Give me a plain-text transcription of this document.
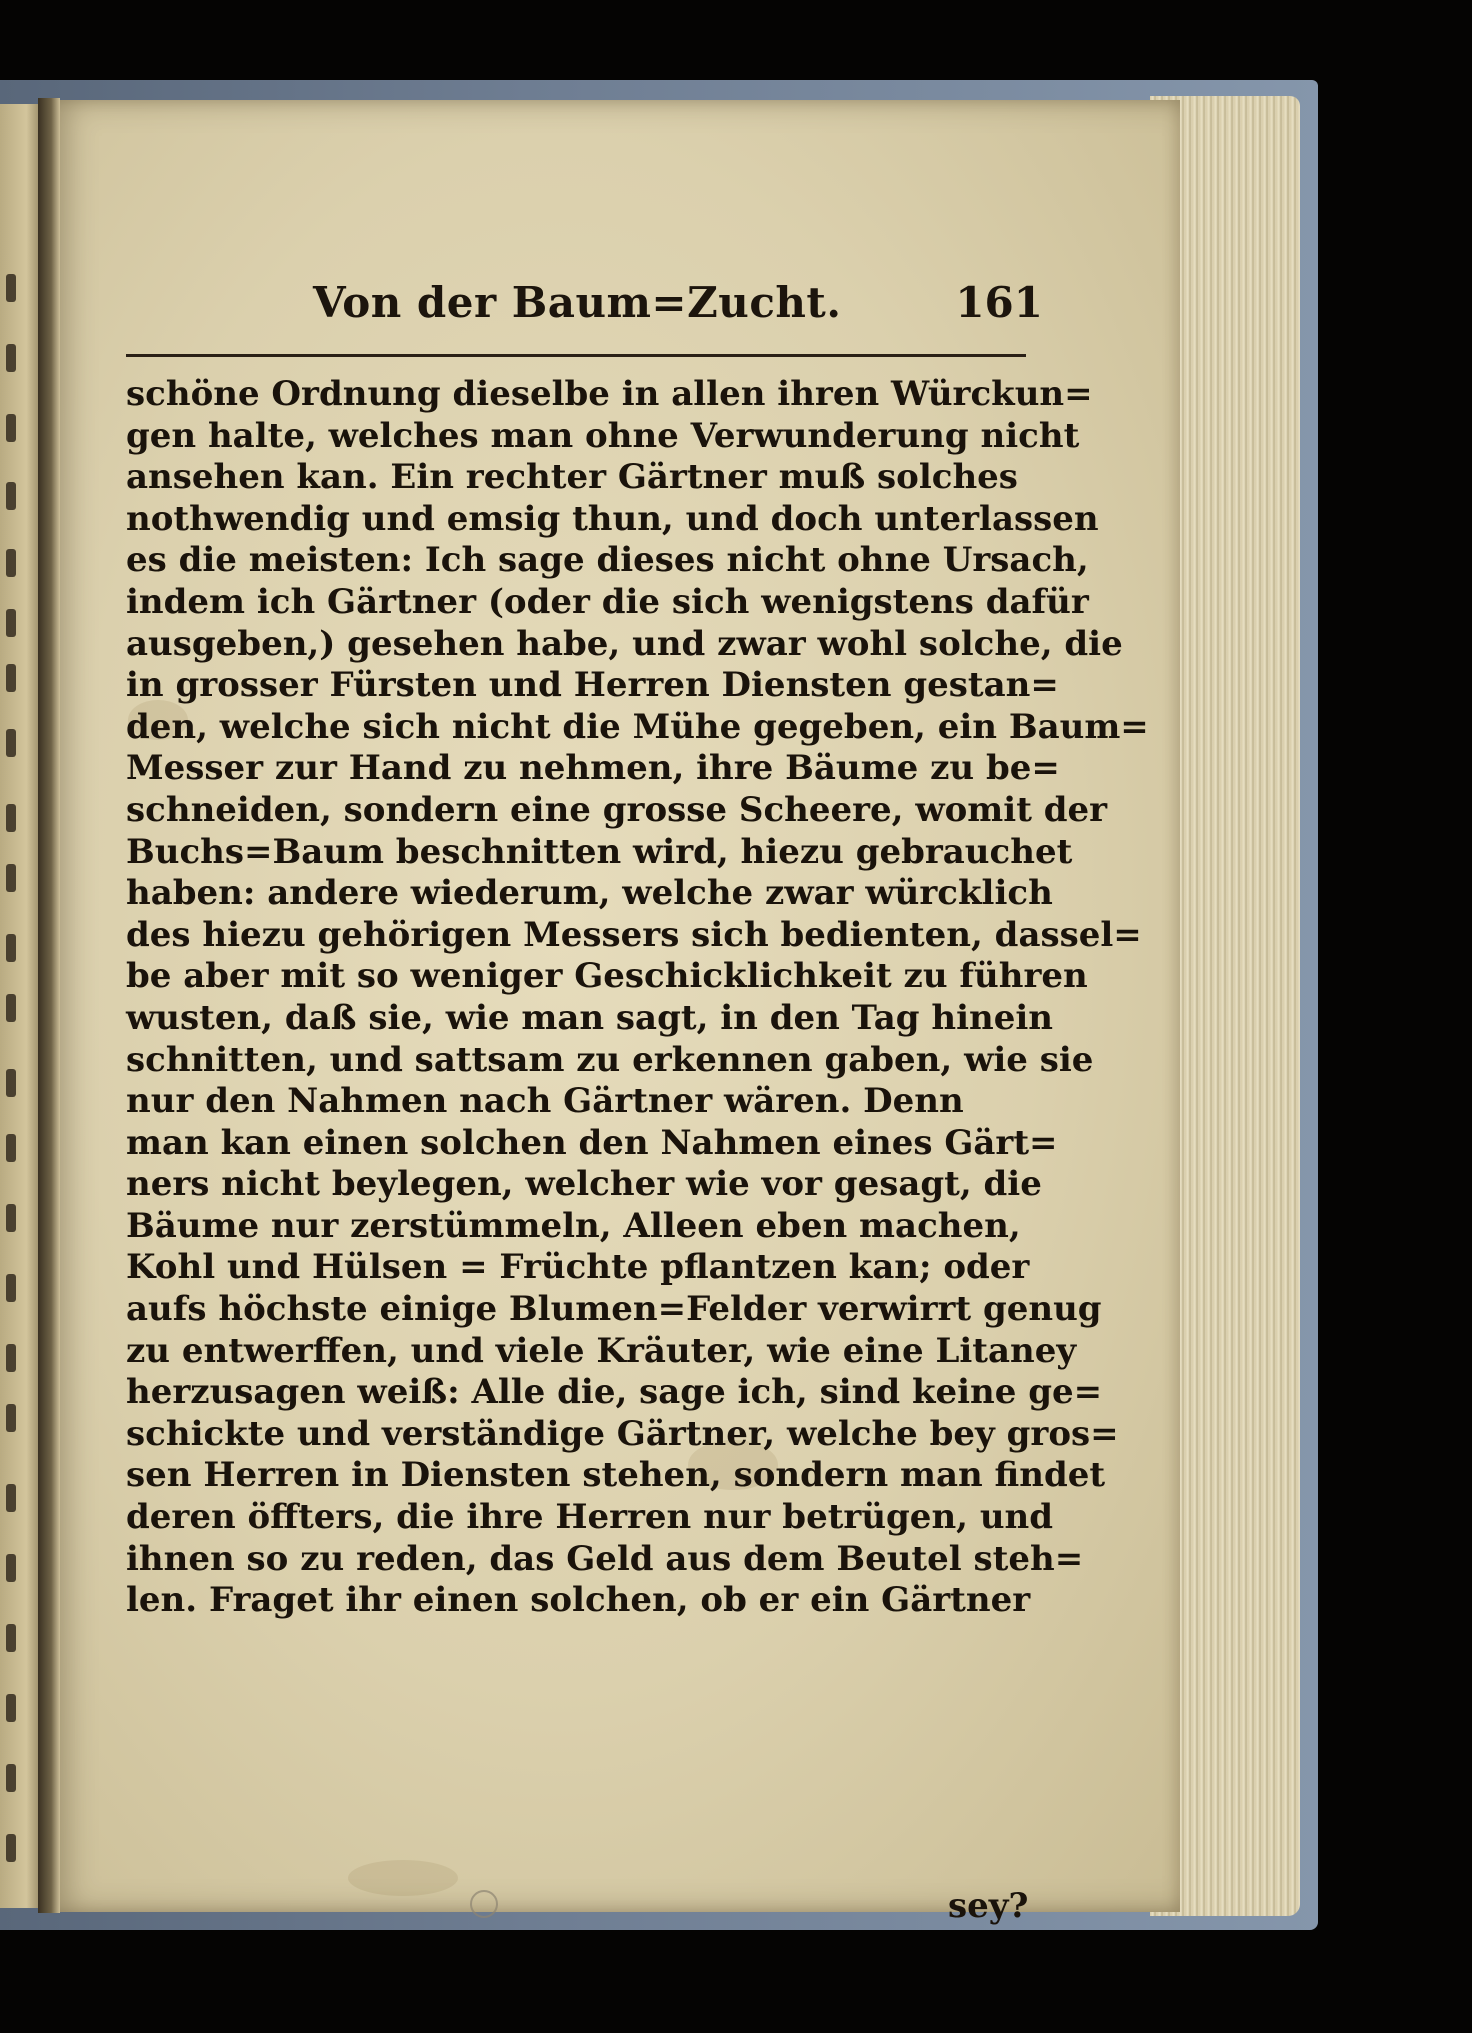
Von der Baum=Zucht.	161
schöne Ordnung dieselbe in allen ihren Würckun=
gen halte, welches man ohne Verwunderung nicht
ansehen kan. Ein rechter Gärtner muß solches
nothwendig und emsig thun, und doch unterlassen
es die meisten: Ich sage dieses nicht ohne Ursach,
indem ich Gärtner (oder die sich wenigstens dafür
ausgeben,) gesehen habe, und zwar wohl solche, die
in grosser Fürsten und Herren Diensten gestan=
den, welche sich nicht die Mühe gegeben, ein Baum=
Messer zur Hand zu nehmen, ihre Bäume zu be=
schneiden, sondern eine grosse Scheere, womit der
Buchs=Baum beschnitten wird, hiezu gebrauchet
haben: andere wiederum, welche zwar würcklich
des hiezu gehörigen Messers sich bedienten, dassel=
be aber mit so weniger Geschicklichkeit zu führen
wusten, daß sie, wie man sagt, in den Tag hinein
schnitten, und sattsam zu erkennen gaben, wie sie
nur den Nahmen nach Gärtner wären. Denn
man kan einen solchen den Nahmen eines Gärt=
ners nicht beylegen, welcher wie vor gesagt, die
Bäume nur zerstümmeln, Alleen eben machen,
Kohl und Hülsen = Früchte pflantzen kan; oder
aufs höchste einige Blumen=Felder verwirrt genug
zu entwerffen, und viele Kräuter, wie eine Litaney
herzusagen weiß: Alle die, sage ich, sind keine ge=
schickte und verständige Gärtner, welche bey gros=
sen Herren in Diensten stehen, sondern man findet
deren öffters, die ihre Herren nur betrügen, und
ihnen so zu reden, das Geld aus dem Beutel steh=
len. Fraget ihr einen solchen, ob er ein Gärtner
sey?
